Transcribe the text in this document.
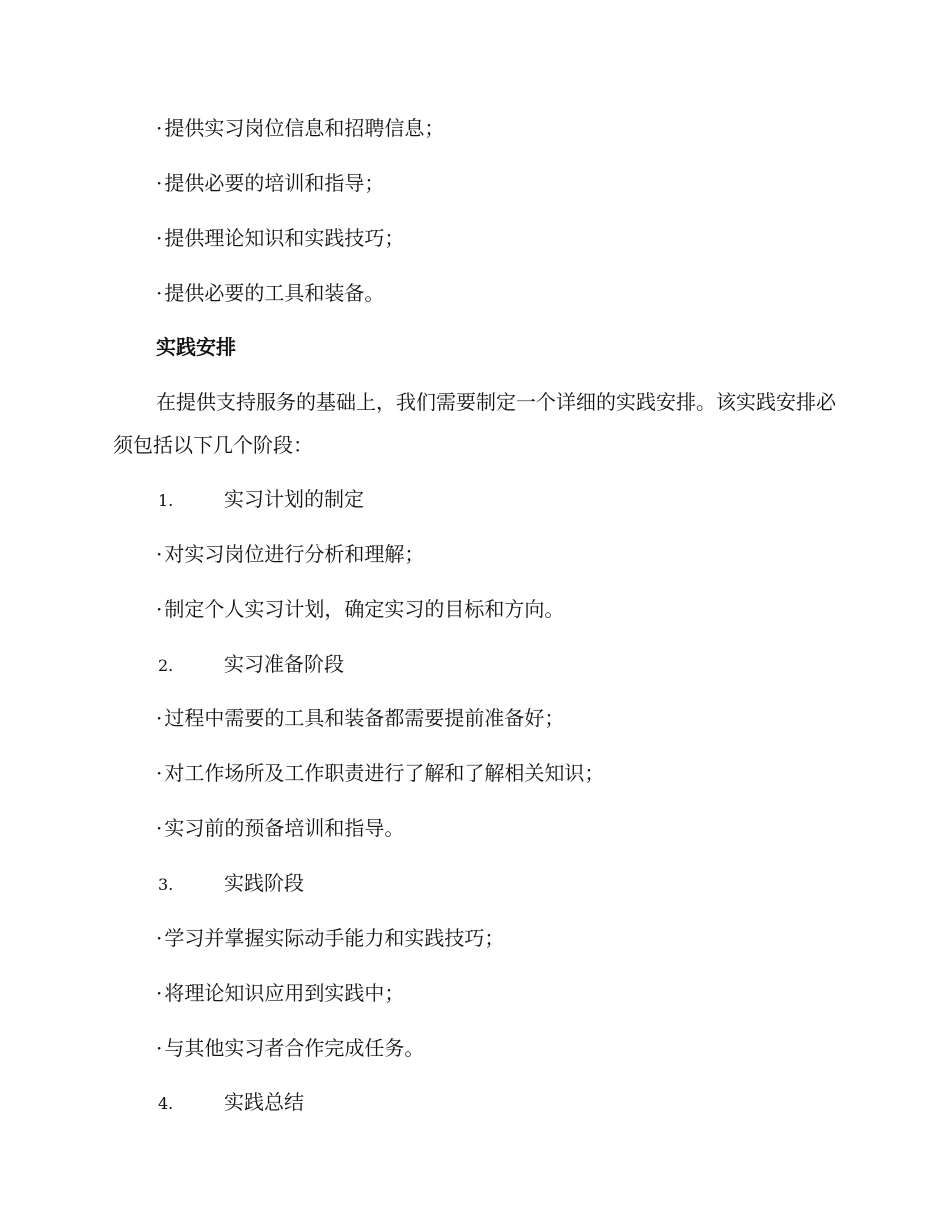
· 提供实习岗位信息和招聘信息；
· 提供必要的培训和指导；
· 提供理论知识和实践技巧；
· 提供必要的工具和装备。
实践安排
在提供支持服务的基础上，我们需要制定一个详细的实践安排。该实践安排必须包括以下几个阶段：
1.	实习计划的制定
· 对实习岗位进行分析和理解；
· 制定个人实习计划，确定实习的目标和方向。
2.	实习准备阶段
· 过程中需要的工具和装备都需要提前准备好；
· 对工作场所及工作职责进行了解和了解相关知识；
· 实习前的预备培训和指导。
3.	实践阶段
· 学习并掌握实际动手能力和实践技巧；
· 将理论知识应用到实践中；
· 与其他实习者合作完成任务。
4.	实践总结
